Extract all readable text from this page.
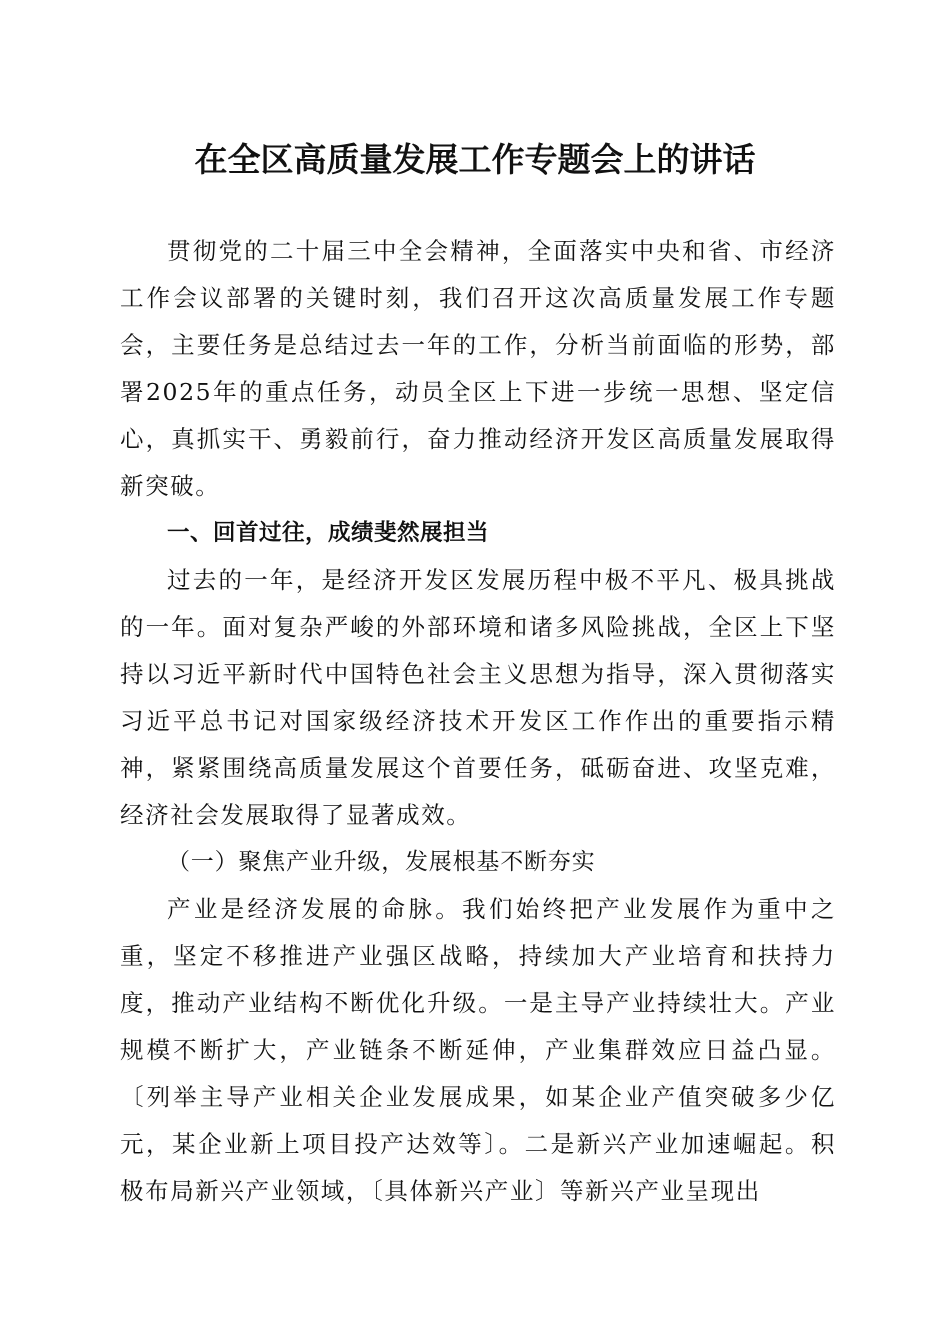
在全区高质量发展工作专题会上的讲话

贯彻党的二十届三中全会精神，全面落实中央和省、市经济工作会议部署的关键时刻，我们召开这次高质量发展工作专题会，主要任务是总结过去一年的工作，分析当前面临的形势，部署2025年的重点任务，动员全区上下进一步统一思想、坚定信心，真抓实干、勇毅前行，奋力推动经济开发区高质量发展取得新突破。

一、回首过往，成绩斐然展担当

过去的一年，是经济开发区发展历程中极不平凡、极具挑战的一年。面对复杂严峻的外部环境和诸多风险挑战，全区上下坚持以习近平新时代中国特色社会主义思想为指导，深入贯彻落实习近平总书记对国家级经济技术开发区工作作出的重要指示精神，紧紧围绕高质量发展这个首要任务，砥砺奋进、攻坚克难，经济社会发展取得了显著成效。

（一）聚焦产业升级，发展根基不断夯实

产业是经济发展的命脉。我们始终把产业发展作为重中之重，坚定不移推进产业强区战略，持续加大产业培育和扶持力度，推动产业结构不断优化升级。一是主导产业持续壮大。产业规模不断扩大，产业链条不断延伸，产业集群效应日益凸显。〔列举主导产业相关企业发展成果，如某企业产值突破多少亿元，某企业新上项目投产达效等〕。二是新兴产业加速崛起。积极布局新兴产业领域，〔具体新兴产业〕等新兴产业呈现出
